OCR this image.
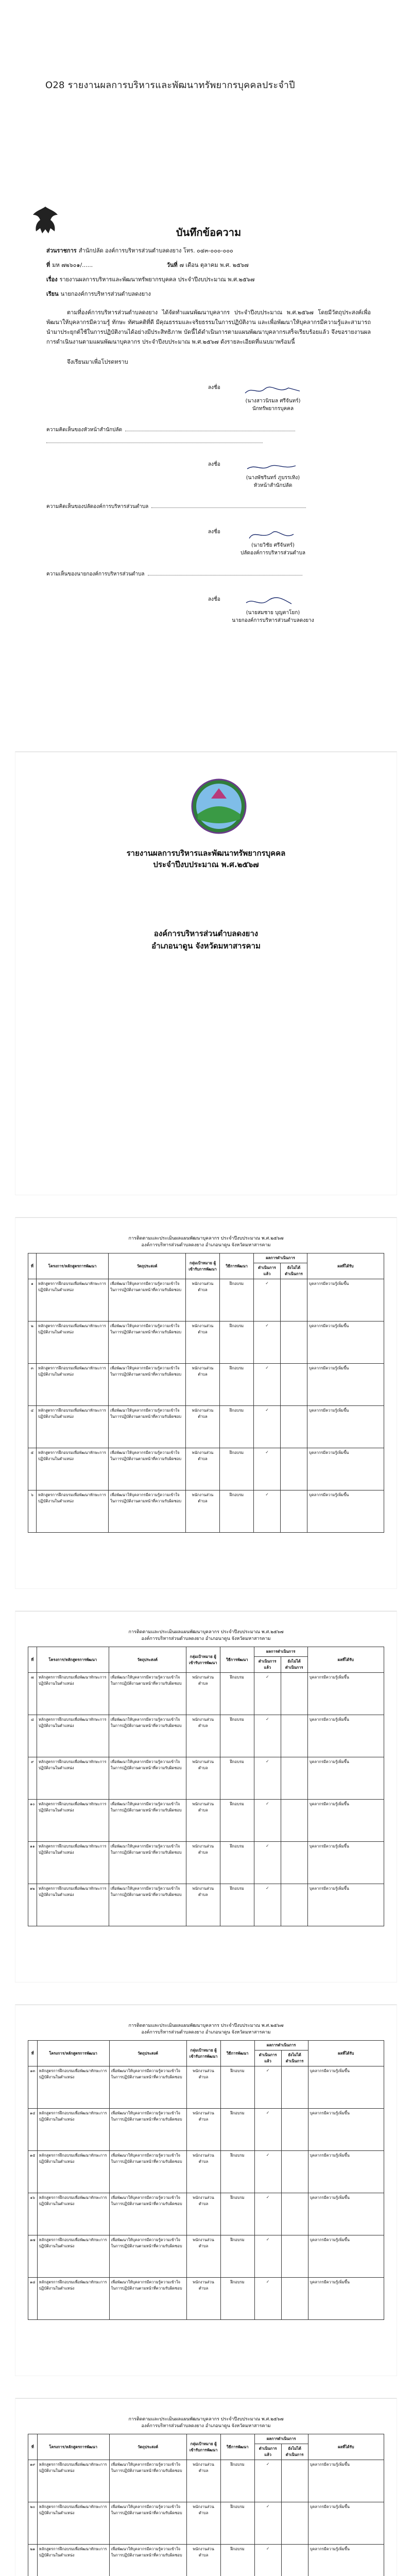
O28 รายงานผลการบริหารและพัฒนาทรัพยากรบุคคลประจำปี
บันทึกข้อความ
ส่วนราชการ สำนักปลัด องค์การบริหารส่วนตำบลดงยาง โทร. ๐๔๓-๐๐๐-๐๐๐
ที่ มห ๗๒๖๐๑/......	วันที่ ๗ เดือน ตุลาคม พ.ศ. ๒๕๖๗
เรื่อง รายงานผลการบริหารและพัฒนาทรัพยากรบุคคล ประจำปีงบประมาณ พ.ศ.๒๕๖๗
เรียน นายกองค์การบริหารส่วนตำบลดงยาง
ตามที่องค์การบริหารส่วนตำบลดงยาง ได้จัดทำแผนพัฒนาบุคลากร ประจำปีงบประมาณ พ.ศ.๒๕๖๗ โดยมีวัตถุประสงค์เพื่อพัฒนาให้บุคลากรมีความรู้ ทักษะ ทัศนคติที่ดี มีคุณธรรมและจริยธรรมในการปฏิบัติงาน และเพื่อพัฒนาให้บุคลากรมีความรู้และสามารถนำมาประยุกต์ใช้ในการปฏิบัติงานได้อย่างมีประสิทธิภาพ บัดนี้ได้ดำเนินการตามแผนพัฒนาบุคลากรเสร็จเรียบร้อยแล้ว จึงขอรายงานผลการดำเนินงานตามแผนพัฒนาบุคลากร ประจำปีงบประมาณ พ.ศ.๒๕๖๗ ดังรายละเอียดที่แนบมาพร้อมนี้
จึงเรียนมาเพื่อโปรดทราบ
ลงชื่อ
(นางสาวนิรมล ศรีจันทร์)
นักทรัพยากรบุคคล
ความคิดเห็นของหัวหน้าสำนักปลัด
ลงชื่อ
(นางพัชรินทร์ ภูบรรเทิง)
หัวหน้าสำนักปลัด
ความคิดเห็นของปลัดองค์การบริหารส่วนตำบล
ลงชื่อ
(นายวิชัย ศรีจันทร์)
ปลัดองค์การบริหารส่วนตำบล
ความเห็นของนายกองค์การบริหารส่วนตำบล
ลงชื่อ
(นายสมชาย บุญตาโยก)
นายกองค์การบริหารส่วนตำบลดงยาง
รายงานผลการบริหารและพัฒนาทรัพยากรบุคคล
ประจำปีงบประมาณ พ.ศ.๒๕๖๗
องค์การบริหารส่วนตำบลดงยาง
อำเภอนาดูน จังหวัดมหาสารคาม
การติดตามและประเมินผลแผนพัฒนาบุคลากร ประจำปีงบประมาณ พ.ศ.๒๕๖๗
องค์การบริหารส่วนตำบลดงยาง อำเภอนาดูน จังหวัดมหาสารคาม
ที่	โครงการ/หลักสูตรการพัฒนา	วัตถุประสงค์	กลุ่มเป้าหมาย ผู้เข้ารับการพัฒนา	วิธีการพัฒนา	ผลการดำเนินการ		ผลที่ได้รับ
					ดำเนินการแล้ว	ยังไม่ได้ดำเนินการ	
๑	หลักสูตรการฝึกอบรมเพื่อพัฒนาทักษะการปฏิบัติงานในตำแหน่ง	เพื่อพัฒนาให้บุคลากรมีความรู้ความเข้าใจในการปฏิบัติงานตามหน้าที่ความรับผิดชอบ	พนักงานส่วนตำบล	ฝึกอบรม	✓		บุคลากรมีความรู้เพิ่มขึ้น
๒	หลักสูตรการฝึกอบรมเพื่อพัฒนาทักษะการปฏิบัติงานในตำแหน่ง	เพื่อพัฒนาให้บุคลากรมีความรู้ความเข้าใจในการปฏิบัติงานตามหน้าที่ความรับผิดชอบ	พนักงานส่วนตำบล	ฝึกอบรม	✓		บุคลากรมีความรู้เพิ่มขึ้น
๓	หลักสูตรการฝึกอบรมเพื่อพัฒนาทักษะการปฏิบัติงานในตำแหน่ง	เพื่อพัฒนาให้บุคลากรมีความรู้ความเข้าใจในการปฏิบัติงานตามหน้าที่ความรับผิดชอบ	พนักงานส่วนตำบล	ฝึกอบรม	✓		บุคลากรมีความรู้เพิ่มขึ้น
๔	หลักสูตรการฝึกอบรมเพื่อพัฒนาทักษะการปฏิบัติงานในตำแหน่ง	เพื่อพัฒนาให้บุคลากรมีความรู้ความเข้าใจในการปฏิบัติงานตามหน้าที่ความรับผิดชอบ	พนักงานส่วนตำบล	ฝึกอบรม	✓		บุคลากรมีความรู้เพิ่มขึ้น
๕	หลักสูตรการฝึกอบรมเพื่อพัฒนาทักษะการปฏิบัติงานในตำแหน่ง	เพื่อพัฒนาให้บุคลากรมีความรู้ความเข้าใจในการปฏิบัติงานตามหน้าที่ความรับผิดชอบ	พนักงานส่วนตำบล	ฝึกอบรม	✓		บุคลากรมีความรู้เพิ่มขึ้น
๖	หลักสูตรการฝึกอบรมเพื่อพัฒนาทักษะการปฏิบัติงานในตำแหน่ง	เพื่อพัฒนาให้บุคลากรมีความรู้ความเข้าใจในการปฏิบัติงานตามหน้าที่ความรับผิดชอบ	พนักงานส่วนตำบล	ฝึกอบรม	✓		บุคลากรมีความรู้เพิ่มขึ้น
การติดตามและประเมินผลแผนพัฒนาบุคลากร ประจำปีงบประมาณ พ.ศ.๒๕๖๗
องค์การบริหารส่วนตำบลดงยาง อำเภอนาดูน จังหวัดมหาสารคาม
ที่	โครงการ/หลักสูตรการพัฒนา	วัตถุประสงค์	กลุ่มเป้าหมาย ผู้เข้ารับการพัฒนา	วิธีการพัฒนา	ผลการดำเนินการ		ผลที่ได้รับ
					ดำเนินการแล้ว	ยังไม่ได้ดำเนินการ	
๗	หลักสูตรการฝึกอบรมเพื่อพัฒนาทักษะการปฏิบัติงานในตำแหน่ง	เพื่อพัฒนาให้บุคลากรมีความรู้ความเข้าใจในการปฏิบัติงานตามหน้าที่ความรับผิดชอบ	พนักงานส่วนตำบล	ฝึกอบรม	✓		บุคลากรมีความรู้เพิ่มขึ้น
๘	หลักสูตรการฝึกอบรมเพื่อพัฒนาทักษะการปฏิบัติงานในตำแหน่ง	เพื่อพัฒนาให้บุคลากรมีความรู้ความเข้าใจในการปฏิบัติงานตามหน้าที่ความรับผิดชอบ	พนักงานส่วนตำบล	ฝึกอบรม	✓		บุคลากรมีความรู้เพิ่มขึ้น
๙	หลักสูตรการฝึกอบรมเพื่อพัฒนาทักษะการปฏิบัติงานในตำแหน่ง	เพื่อพัฒนาให้บุคลากรมีความรู้ความเข้าใจในการปฏิบัติงานตามหน้าที่ความรับผิดชอบ	พนักงานส่วนตำบล	ฝึกอบรม	✓		บุคลากรมีความรู้เพิ่มขึ้น
๑๐	หลักสูตรการฝึกอบรมเพื่อพัฒนาทักษะการปฏิบัติงานในตำแหน่ง	เพื่อพัฒนาให้บุคลากรมีความรู้ความเข้าใจในการปฏิบัติงานตามหน้าที่ความรับผิดชอบ	พนักงานส่วนตำบล	ฝึกอบรม	✓		บุคลากรมีความรู้เพิ่มขึ้น
๑๑	หลักสูตรการฝึกอบรมเพื่อพัฒนาทักษะการปฏิบัติงานในตำแหน่ง	เพื่อพัฒนาให้บุคลากรมีความรู้ความเข้าใจในการปฏิบัติงานตามหน้าที่ความรับผิดชอบ	พนักงานส่วนตำบล	ฝึกอบรม	✓		บุคลากรมีความรู้เพิ่มขึ้น
๑๒	หลักสูตรการฝึกอบรมเพื่อพัฒนาทักษะการปฏิบัติงานในตำแหน่ง	เพื่อพัฒนาให้บุคลากรมีความรู้ความเข้าใจในการปฏิบัติงานตามหน้าที่ความรับผิดชอบ	พนักงานส่วนตำบล	ฝึกอบรม	✓		บุคลากรมีความรู้เพิ่มขึ้น
การติดตามและประเมินผลแผนพัฒนาบุคลากร ประจำปีงบประมาณ พ.ศ.๒๕๖๗
องค์การบริหารส่วนตำบลดงยาง อำเภอนาดูน จังหวัดมหาสารคาม
ที่	โครงการ/หลักสูตรการพัฒนา	วัตถุประสงค์	กลุ่มเป้าหมาย ผู้เข้ารับการพัฒนา	วิธีการพัฒนา	ผลการดำเนินการ		ผลที่ได้รับ
					ดำเนินการแล้ว	ยังไม่ได้ดำเนินการ	
๑๓	หลักสูตรการฝึกอบรมเพื่อพัฒนาทักษะการปฏิบัติงานในตำแหน่ง	เพื่อพัฒนาให้บุคลากรมีความรู้ความเข้าใจในการปฏิบัติงานตามหน้าที่ความรับผิดชอบ	พนักงานส่วนตำบล	ฝึกอบรม	✓		บุคลากรมีความรู้เพิ่มขึ้น
๑๔	หลักสูตรการฝึกอบรมเพื่อพัฒนาทักษะการปฏิบัติงานในตำแหน่ง	เพื่อพัฒนาให้บุคลากรมีความรู้ความเข้าใจในการปฏิบัติงานตามหน้าที่ความรับผิดชอบ	พนักงานส่วนตำบล	ฝึกอบรม	✓		บุคลากรมีความรู้เพิ่มขึ้น
๑๕	หลักสูตรการฝึกอบรมเพื่อพัฒนาทักษะการปฏิบัติงานในตำแหน่ง	เพื่อพัฒนาให้บุคลากรมีความรู้ความเข้าใจในการปฏิบัติงานตามหน้าที่ความรับผิดชอบ	พนักงานส่วนตำบล	ฝึกอบรม	✓		บุคลากรมีความรู้เพิ่มขึ้น
๑๖	หลักสูตรการฝึกอบรมเพื่อพัฒนาทักษะการปฏิบัติงานในตำแหน่ง	เพื่อพัฒนาให้บุคลากรมีความรู้ความเข้าใจในการปฏิบัติงานตามหน้าที่ความรับผิดชอบ	พนักงานส่วนตำบล	ฝึกอบรม	✓		บุคลากรมีความรู้เพิ่มขึ้น
๑๗	หลักสูตรการฝึกอบรมเพื่อพัฒนาทักษะการปฏิบัติงานในตำแหน่ง	เพื่อพัฒนาให้บุคลากรมีความรู้ความเข้าใจในการปฏิบัติงานตามหน้าที่ความรับผิดชอบ	พนักงานส่วนตำบล	ฝึกอบรม	✓		บุคลากรมีความรู้เพิ่มขึ้น
๑๘	หลักสูตรการฝึกอบรมเพื่อพัฒนาทักษะการปฏิบัติงานในตำแหน่ง	เพื่อพัฒนาให้บุคลากรมีความรู้ความเข้าใจในการปฏิบัติงานตามหน้าที่ความรับผิดชอบ	พนักงานส่วนตำบล	ฝึกอบรม	✓		บุคลากรมีความรู้เพิ่มขึ้น
การติดตามและประเมินผลแผนพัฒนาบุคลากร ประจำปีงบประมาณ พ.ศ.๒๕๖๗
องค์การบริหารส่วนตำบลดงยาง อำเภอนาดูน จังหวัดมหาสารคาม
ที่	โครงการ/หลักสูตรการพัฒนา	วัตถุประสงค์	กลุ่มเป้าหมาย ผู้เข้ารับการพัฒนา	วิธีการพัฒนา	ผลการดำเนินการ		ผลที่ได้รับ
					ดำเนินการแล้ว	ยังไม่ได้ดำเนินการ	
๑๙	หลักสูตรการฝึกอบรมเพื่อพัฒนาทักษะการปฏิบัติงานในตำแหน่ง	เพื่อพัฒนาให้บุคลากรมีความรู้ความเข้าใจในการปฏิบัติงานตามหน้าที่ความรับผิดชอบ	พนักงานส่วนตำบล	ฝึกอบรม	✓		บุคลากรมีความรู้เพิ่มขึ้น
๒๐	หลักสูตรการฝึกอบรมเพื่อพัฒนาทักษะการปฏิบัติงานในตำแหน่ง	เพื่อพัฒนาให้บุคลากรมีความรู้ความเข้าใจในการปฏิบัติงานตามหน้าที่ความรับผิดชอบ	พนักงานส่วนตำบล	ฝึกอบรม	✓		บุคลากรมีความรู้เพิ่มขึ้น
๒๑	หลักสูตรการฝึกอบรมเพื่อพัฒนาทักษะการปฏิบัติงานในตำแหน่ง	เพื่อพัฒนาให้บุคลากรมีความรู้ความเข้าใจในการปฏิบัติงานตามหน้าที่ความรับผิดชอบ	พนักงานส่วนตำบล	ฝึกอบรม	✓		บุคลากรมีความรู้เพิ่มขึ้น
